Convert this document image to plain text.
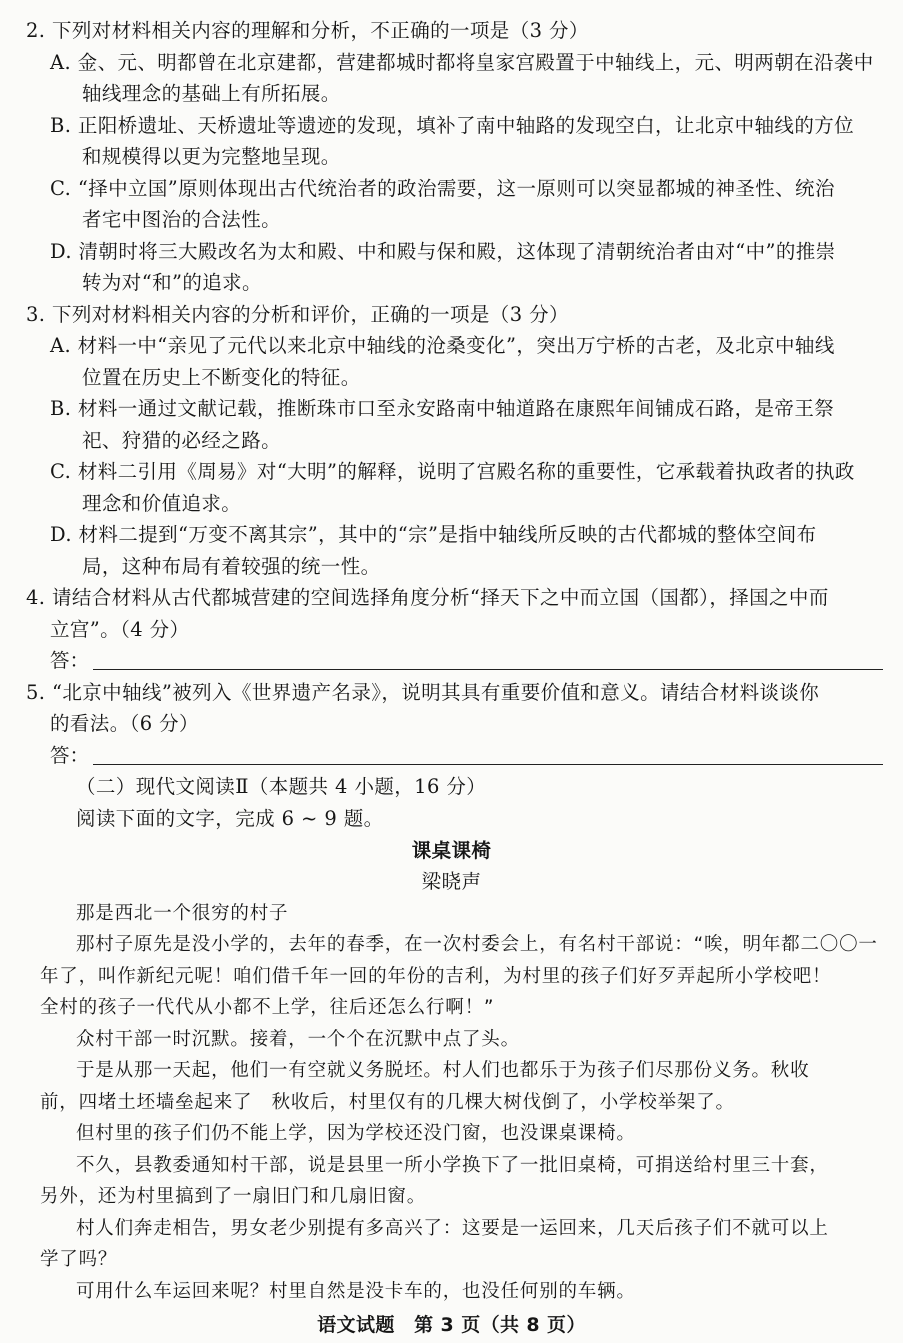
2. 下列对材料相关内容的理解和分析，不正确的一项是（3 分）
A. 金、元、明都曾在北京建都，营建都城时都将皇家宫殿置于中轴线上，元、明两朝在沿袭中
轴线理念的基础上有所拓展。
B. 正阳桥遗址、天桥遗址等遗迹的发现，填补了南中轴路的发现空白，让北京中轴线的方位
和规模得以更为完整地呈现。
C. “择中立国”原则体现出古代统治者的政治需要，这一原则可以突显都城的神圣性、统治
者宅中图治的合法性。
D. 清朝时将三大殿改名为太和殿、中和殿与保和殿，这体现了清朝统治者由对“中”的推崇
转为对“和”的追求。
3. 下列对材料相关内容的分析和评价，正确的一项是（3 分）
A. 材料一中“亲见了元代以来北京中轴线的沧桑变化”，突出万宁桥的古老，及北京中轴线
位置在历史上不断变化的特征。
B. 材料一通过文献记载，推断珠市口至永安路南中轴道路在康熙年间铺成石路，是帝王祭
祀、狩猎的必经之路。
C. 材料二引用《周易》对“大明”的解释，说明了宫殿名称的重要性，它承载着执政者的执政
理念和价值追求。
D. 材料二提到“万变不离其宗”，其中的“宗”是指中轴线所反映的古代都城的整体空间布
局，这种布局有着较强的统一性。
4. 请结合材料从古代都城营建的空间选择角度分析“择天下之中而立国（国都），择国之中而
立宫”。（4 分）
答：
5. “北京中轴线”被列入《世界遗产名录》，说明其具有重要价值和意义。请结合材料谈谈你
的看法。（6 分）
答：
（二）现代文阅读Ⅱ（本题共 4 小题，16 分）
阅读下面的文字，完成 6 ~ 9 题。
课桌课椅
梁晓声
那是西北一个很穷的村子
那村子原先是没小学的，去年的春季，在一次村委会上，有名村干部说：“唉，明年都二〇〇一
年了，叫作新纪元呢！咱们借千年一回的年份的吉利，为村里的孩子们好歹弄起所小学校吧！
全村的孩子一代代从小都不上学，往后还怎么行啊！”
众村干部一时沉默。接着，一个个在沉默中点了头。
于是从那一天起，他们一有空就义务脱坯。村人们也都乐于为孩子们尽那份义务。秋收
前，四堵土坯墙垒起来了　秋收后，村里仅有的几棵大树伐倒了，小学校举架了。
但村里的孩子们仍不能上学，因为学校还没门窗，也没课桌课椅。
不久，县教委通知村干部，说是县里一所小学换下了一批旧桌椅，可捐送给村里三十套，
另外，还为村里搞到了一扇旧门和几扇旧窗。
村人们奔走相告，男女老少别提有多高兴了：这要是一运回来，几天后孩子们不就可以上
学了吗？
可用什么车运回来呢？村里自然是没卡车的，也没任何别的车辆。
语文试题　第 3 页（共 8 页）
